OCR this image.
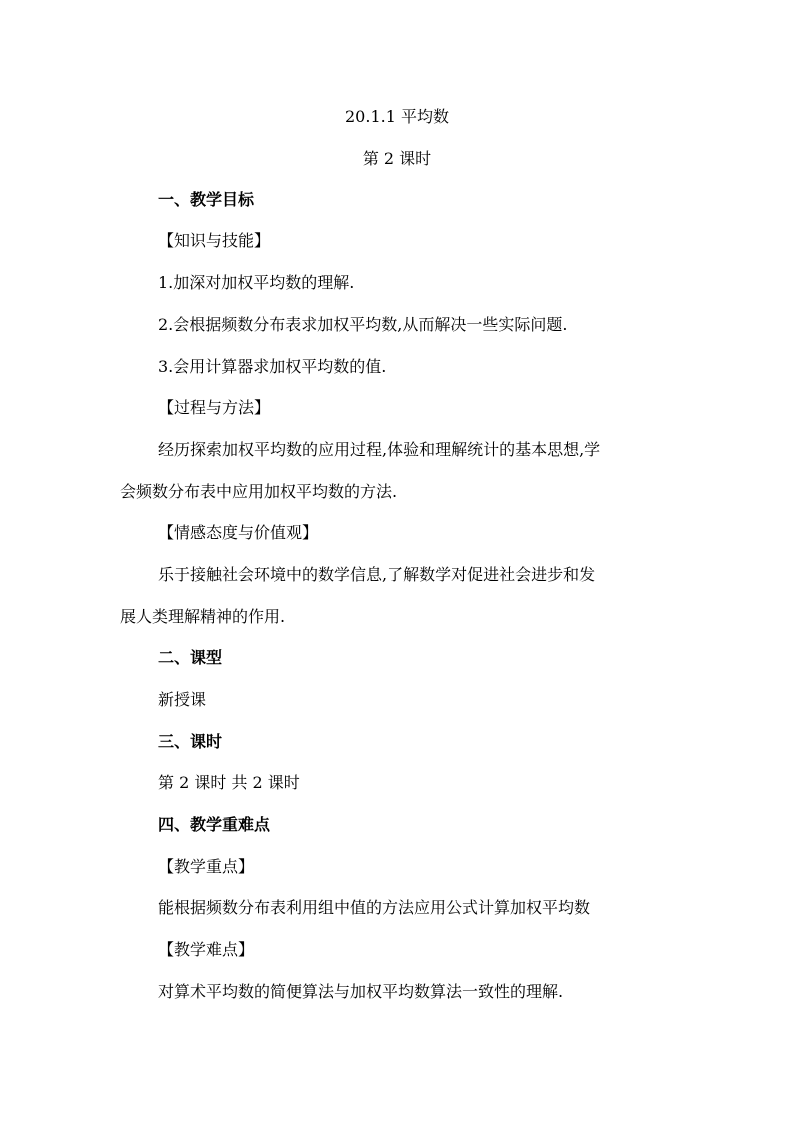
20.1.1 平均数
第 2 课时
一、教学目标
【知识与技能】
1.加深对加权平均数的理解.
2.会根据频数分布表求加权平均数,从而解决一些实际问题.
3.会用计算器求加权平均数的值.
【过程与方法】
经历探索加权平均数的应用过程,体验和理解统计的基本思想,学
会频数分布表中应用加权平均数的方法.
【情感态度与价值观】
乐于接触社会环境中的数学信息,了解数学对促进社会进步和发
展人类理解精神的作用.
二、课型
新授课
三、课时
第 2 课时 共 2 课时
四、教学重难点
【教学重点】
能根据频数分布表利用组中值的方法应用公式计算加权平均数
【教学难点】
对算术平均数的简便算法与加权平均数算法一致性的理解.
